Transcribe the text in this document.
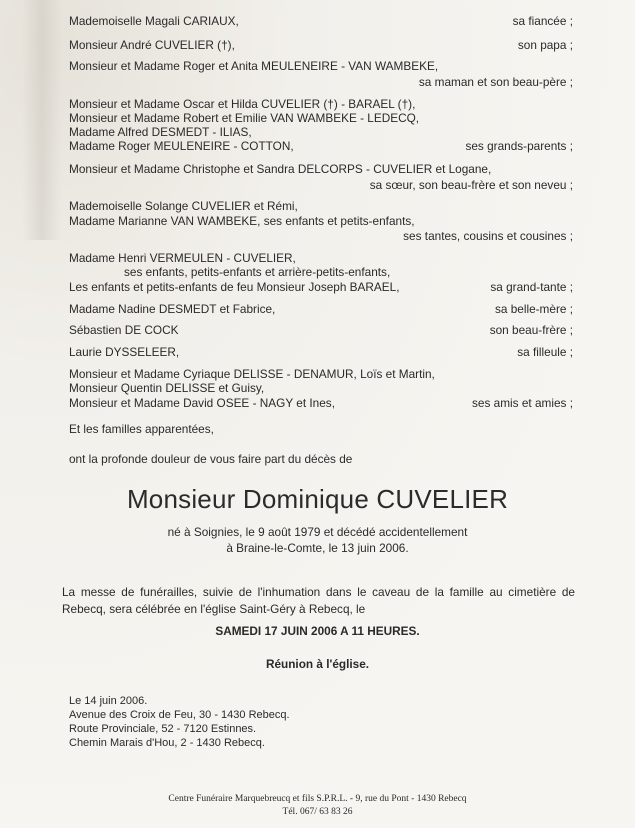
Mademoiselle Magali CARIAUX,	sa fiancée ;
Monsieur André CUVELIER (†),	son papa ;
Monsieur et Madame Roger et Anita MEULENEIRE - VAN WAMBEKE,
sa maman et son beau-père ;
Monsieur et Madame Oscar et Hilda CUVELIER (†) - BARAEL (†),
Monsieur et Madame Robert et Emilie VAN WAMBEKE - LEDECQ,
Madame Alfred DESMEDT - ILIAS,
Madame Roger MEULENEIRE - COTTON,	ses grands-parents ;
Monsieur et Madame Christophe et Sandra DELCORPS - CUVELIER et Logane,
sa sœur, son beau-frère et son neveu ;
Mademoiselle Solange CUVELIER et Rémi,
Madame Marianne VAN WAMBEKE, ses enfants et petits-enfants,
ses tantes, cousins et cousines ;
Madame Henri VERMEULEN - CUVELIER,
ses enfants, petits-enfants et arrière-petits-enfants,
Les enfants et petits-enfants de feu Monsieur Joseph BARAEL,	sa grand-tante ;
Madame Nadine DESMEDT et Fabrice,	sa belle-mère ;
Sébastien DE COCK	son beau-frère ;
Laurie DYSSELEER,	sa filleule ;
Monsieur et Madame Cyriaque DELISSE - DENAMUR, Loïs et Martin,
Monsieur Quentin DELISSE et Guisy,
Monsieur et Madame David OSEE - NAGY et Ines,	ses amis et amies ;
Et les familles apparentées,
ont la profonde douleur de vous faire part du décès de
Monsieur Dominique CUVELIER
né à Soignies, le 9 août 1979 et décédé accidentellement
à Braine-le-Comte, le 13 juin 2006.
La messe de funérailles, suivie de l'inhumation dans le caveau de la famille au cimetière de Rebecq, sera célébrée en l'église Saint-Géry à Rebecq, le
SAMEDI 17 JUIN 2006 A 11 HEURES.
Réunion à l'église.
Le 14 juin 2006.
Avenue des Croix de Feu, 30 - 1430 Rebecq.
Route Provinciale, 52 - 7120 Estinnes.
Chemin Marais d'Hou, 2 - 1430 Rebecq.
Centre Funéraire Marquebreucq et fils S.P.R.L. - 9, rue du Pont - 1430 Rebecq
Tél. 067/ 63 83 26
